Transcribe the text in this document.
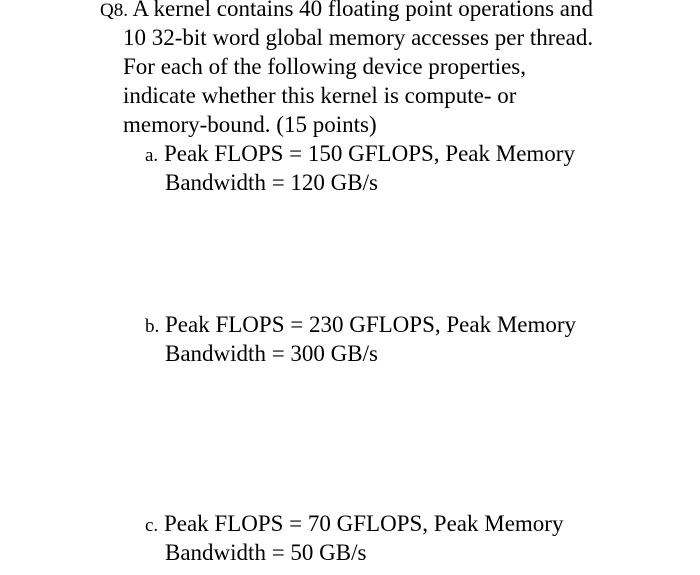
Q8. A kernel contains 40 floating point operations and
10 32-bit word global memory accesses per thread.
For each of the following device properties,
indicate whether this kernel is compute- or
memory-bound. (15 points)
a. Peak FLOPS = 150 GFLOPS, Peak Memory
Bandwidth = 120 GB/s
b. Peak FLOPS = 230 GFLOPS, Peak Memory
Bandwidth = 300 GB/s
c. Peak FLOPS = 70 GFLOPS, Peak Memory
Bandwidth = 50 GB/s
